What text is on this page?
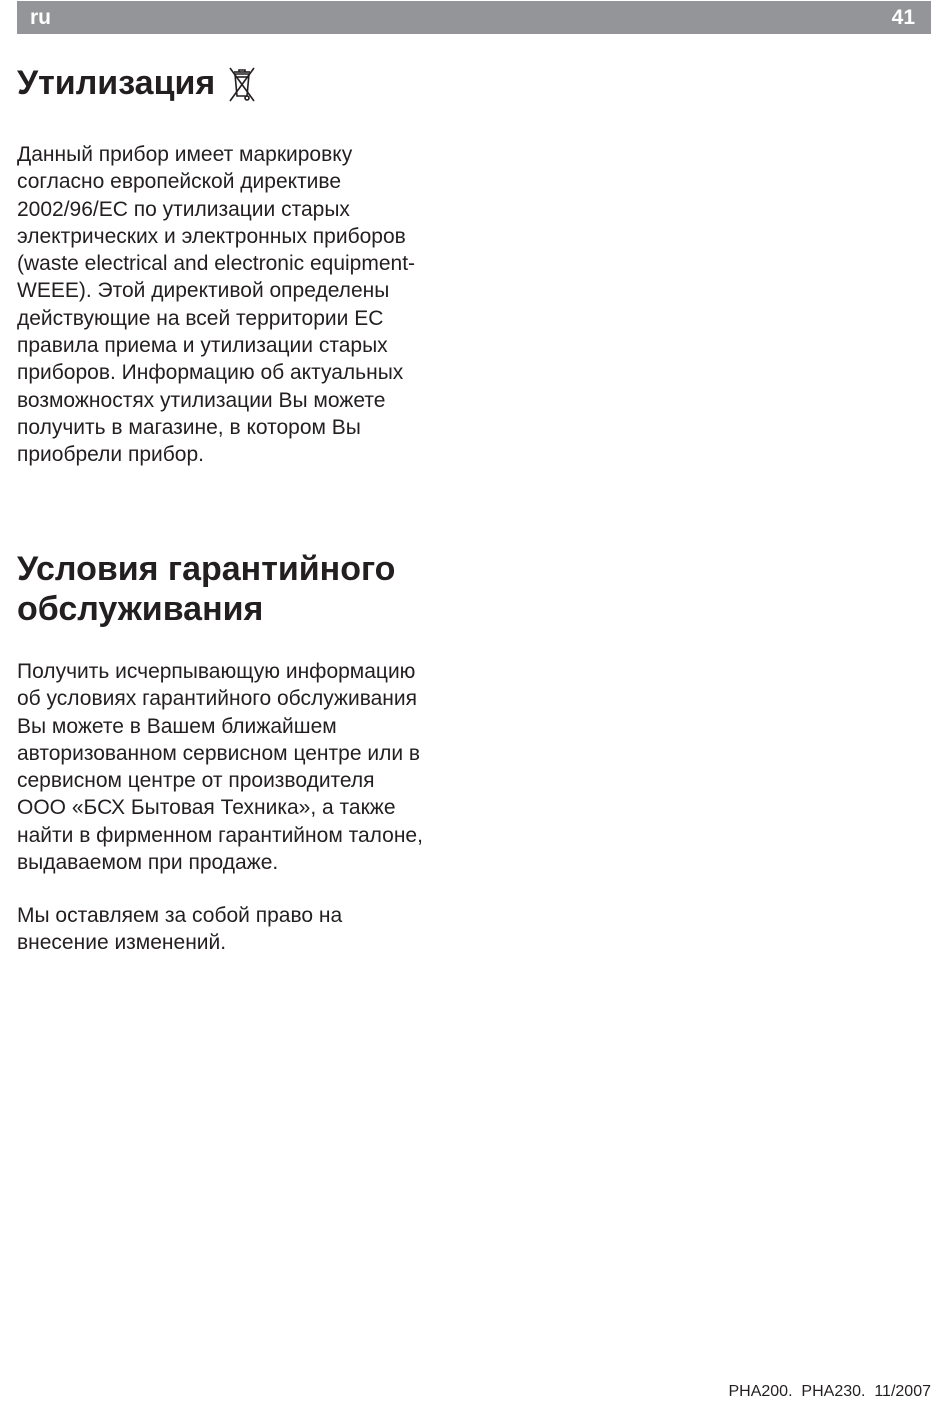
ru	41
Утилизация

Данный прибор имеет маркировку
согласно европейской директиве
2002/96/ЕС по утилизации старых
электрических и электронных приборов
(waste electrical and electronic equipment-
WEEE). Этой директивой определены
действующие на всей территории ЕС
правила приема и утилизации старых
приборов. Информацию об актуальных
возможностях утилизации Вы можете
получить в магазине, в котором Вы
приобрели прибор.

Условия гарантийного
обслуживания

Получить исчерпывающую информацию
об условиях гарантийного обслуживания
Вы можете в Вашем ближайшем
авторизованном сервисном центре или в
сервисном центре от производителя
ООО «БСХ Бытовая Техника», а также
найти в фирменном гарантийном талоне,
выдаваемом при продаже.

Мы оставляем за собой право на
внесение изменений.

PHA200.  PHA230.  11/2007
